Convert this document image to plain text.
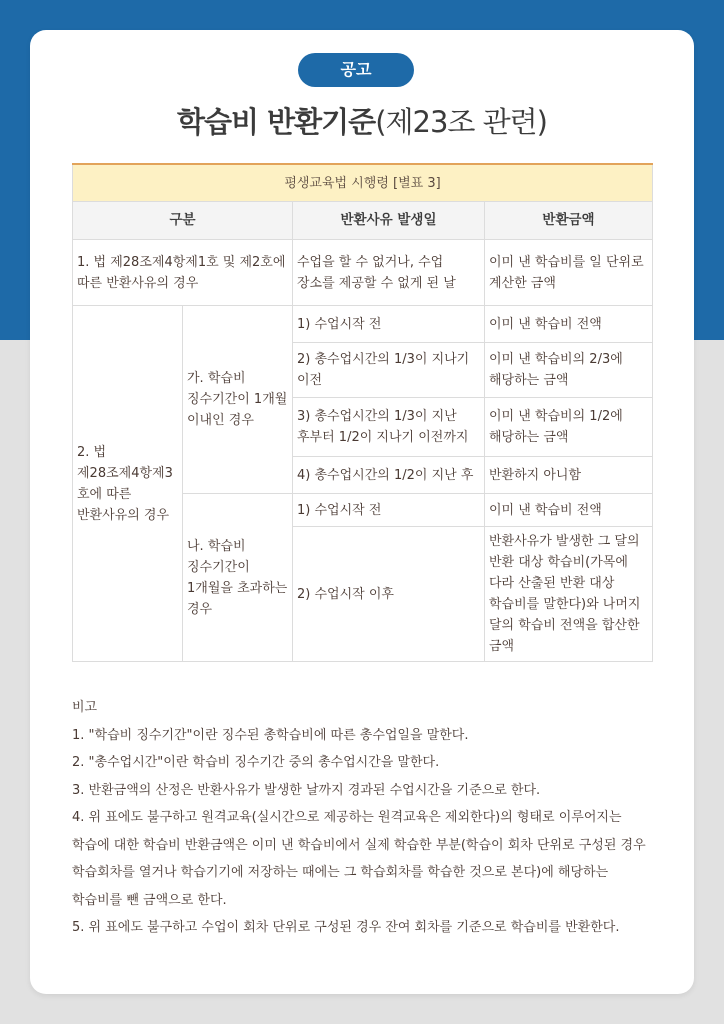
공고
학습비 반환기준(제23조 관련)
평생교육법 시행령 [별표 3]			
구분		반환사유 발생일	반환금액
1. 법 제28조제4항제1호 및 제2호에 따른 반환사유의 경우		수업을 할 수 없거나, 수업 장소를 제공할 수 없게 된 날	이미 낸 학습비를 일 단위로 계산한 금액
2. 법 제28조제4항제3호에 따른 반환사유의 경우	가. 학습비 징수기간이 1개월 이내인 경우	1) 수업시작 전	이미 낸 학습비 전액
		2) 총수업시간의 1/3이 지나기 이전	이미 낸 학습비의 2/3에 해당하는 금액
		3) 총수업시간의 1/3이 지난 후부터 1/2이 지나기 이전까지	이미 낸 학습비의 1/2에 해당하는 금액
		4) 총수업시간의 1/2이 지난 후	반환하지 아니함
	나. 학습비 징수기간이 1개월을 초과하는 경우	1) 수업시작 전	이미 낸 학습비 전액
		2) 수업시작 이후	반환사유가 발생한 그 달의 반환 대상 학습비(가목에 다라 산출된 반환 대상 학습비를 말한다)와 나머지 달의 학습비 전액을 합산한 금액

비고

1. "학습비 징수기간"이란 징수된 총학습비에 따른 총수업일을 말한다.

2. "총수업시간"이란 학습비 징수기간 중의 총수업시간을 말한다.

3. 반환금액의 산정은 반환사유가 발생한 날까지 경과된 수업시간을 기준으로 한다.

4. 위 표에도 불구하고 원격교육(실시간으로 제공하는 원격교육은 제외한다)의 형태로 이루어지는 학습에 대한 학습비 반환금액은 이미 낸 학습비에서 실제 학습한 부분(학습이 회차 단위로 구성된 경우 학습회차를 열거나 학습기기에 저장하는 때에는 그 학습회차를 학습한 것으로 본다)에 해당하는 학습비를 뺀 금액으로 한다.

5. 위 표에도 불구하고 수업이 회차 단위로 구성된 경우 잔여 회차를 기준으로 학습비를 반환한다.
